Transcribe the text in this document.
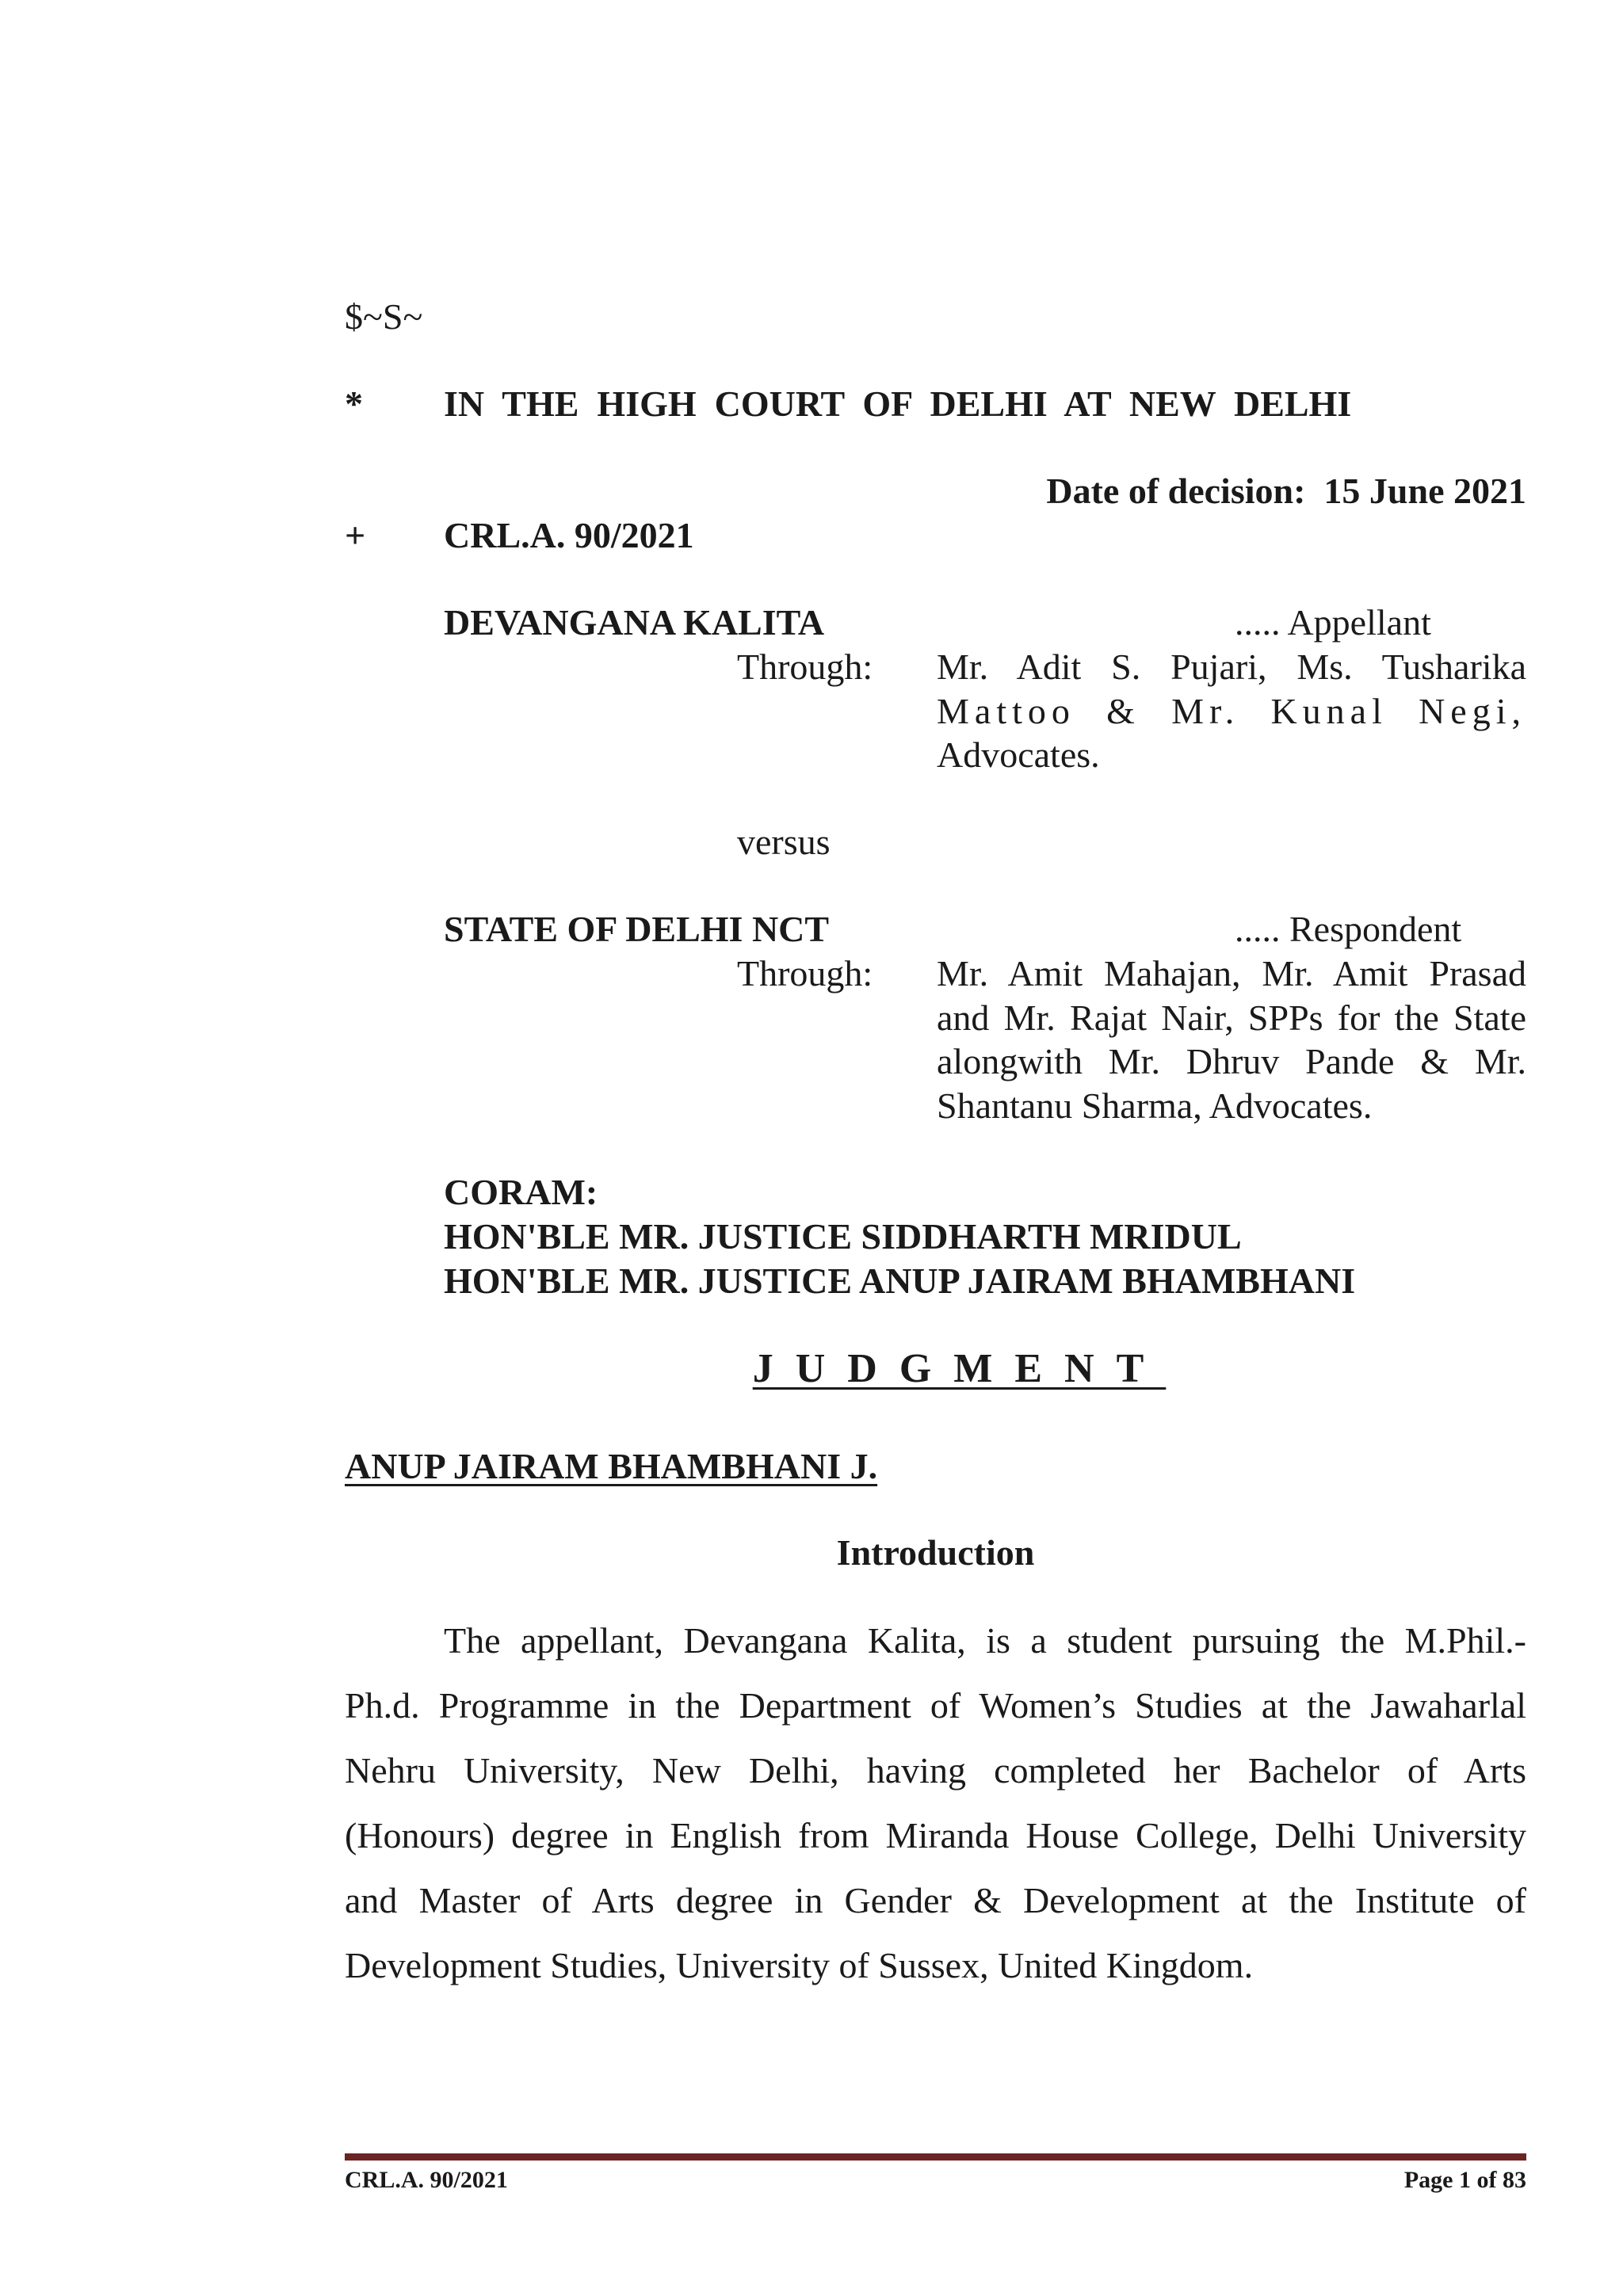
$~S~
* IN  THE  HIGH  COURT  OF  DELHI  AT  NEW  DELHI
Date of decision:  15 June 2021
+ CRL.A. 90/2021
DEVANGANA KALITA	..... Appellant
Through: Mr.  Adit  S.  Pujari,  Ms.  Tusharika
Mattoo & Mr. Kunal Negi,
Advocates.
versus
STATE OF DELHI NCT	..... Respondent
Through: Mr. Amit Mahajan, Mr. Amit Prasad
and Mr. Rajat Nair, SPPs for the State
alongwith Mr. Dhruv Pande & Mr.
Shantanu Sharma, Advocates.
CORAM:
HON'BLE MR. JUSTICE SIDDHARTH MRIDUL
HON'BLE MR. JUSTICE ANUP JAIRAM BHAMBHANI
JUDGMENT
ANUP JAIRAM BHAMBHANI J.
Introduction
The appellant, Devangana Kalita, is a student pursuing the M.Phil.-
Ph.d. Programme in the Department of Women’s Studies at the Jawaharlal
Nehru University, New Delhi, having completed her Bachelor of Arts
(Honours) degree in English from Miranda House College, Delhi University
and Master of Arts degree in Gender & Development at the Institute of
Development Studies, University of Sussex, United Kingdom.
CRL.A. 90/2021	Page 1 of 83
